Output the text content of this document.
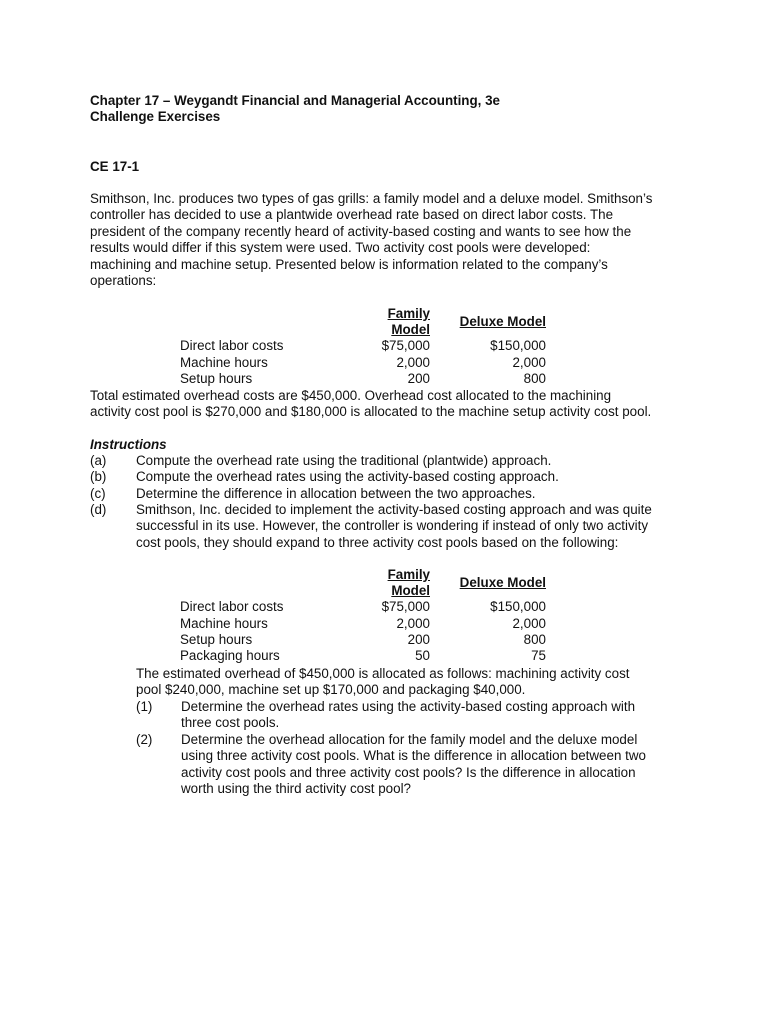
Chapter 17 – Weygandt Financial and Managerial Accounting, 3e
Challenge Exercises
CE 17-1
Smithson, Inc. produces two types of gas grills: a family model and a deluxe model. Smithson’s
controller has decided to use a plantwide overhead rate based on direct labor costs. The
president of the company recently heard of activity-based costing and wants to see how the
results would differ if this system were used. Two activity cost pools were developed:
machining and machine setup. Presented below is information related to the company’s
operations:
	Family Model	Deluxe Model
Direct labor costs	$75,000	$150,000
Machine hours	2,000	2,000
Setup hours	200	800
Total estimated overhead costs are $450,000. Overhead cost allocated to the machining
activity cost pool is $270,000 and $180,000 is allocated to the machine setup activity cost pool.
Instructions
(a) Compute the overhead rate using the traditional (plantwide) approach.
(b) Compute the overhead rates using the activity-based costing approach.
(c) Determine the difference in allocation between the two approaches.
(d) Smithson, Inc. decided to implement the activity-based costing approach and was quite
successful in its use. However, the controller is wondering if instead of only two activity
cost pools, they should expand to three activity cost pools based on the following:
	Family Model	Deluxe Model
Direct labor costs	$75,000	$150,000
Machine hours	2,000	2,000
Setup hours	200	800
Packaging hours	50	75
The estimated overhead of $450,000 is allocated as follows: machining activity cost
pool $240,000, machine set up $170,000 and packaging $40,000.
(1) Determine the overhead rates using the activity-based costing approach with
three cost pools.
(2) Determine the overhead allocation for the family model and the deluxe model
using three activity cost pools. What is the difference in allocation between two
activity cost pools and three activity cost pools? Is the difference in allocation
worth using the third activity cost pool?
